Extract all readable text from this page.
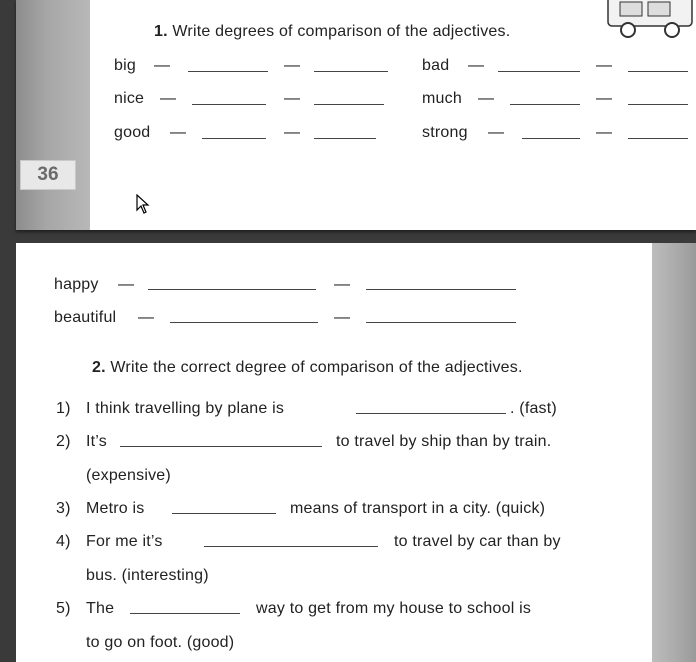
36
1. Write degrees of comparison of the adjectives.
big —	—	bad —	—
nice —	—	much —	—
good —	—	strong —	—
happy —	—
beautiful —	—
2. Write the correct degree of comparison of the adjectives.
1) I think travelling by plane is	. (fast)
2) It’s	to travel by ship than by train.
(expensive)
3) Metro is	means of transport in a city. (quick)
4) For me it’s	to travel by car than by
bus. (interesting)
5) The	way to get from my house to school is
to go on foot. (good)
